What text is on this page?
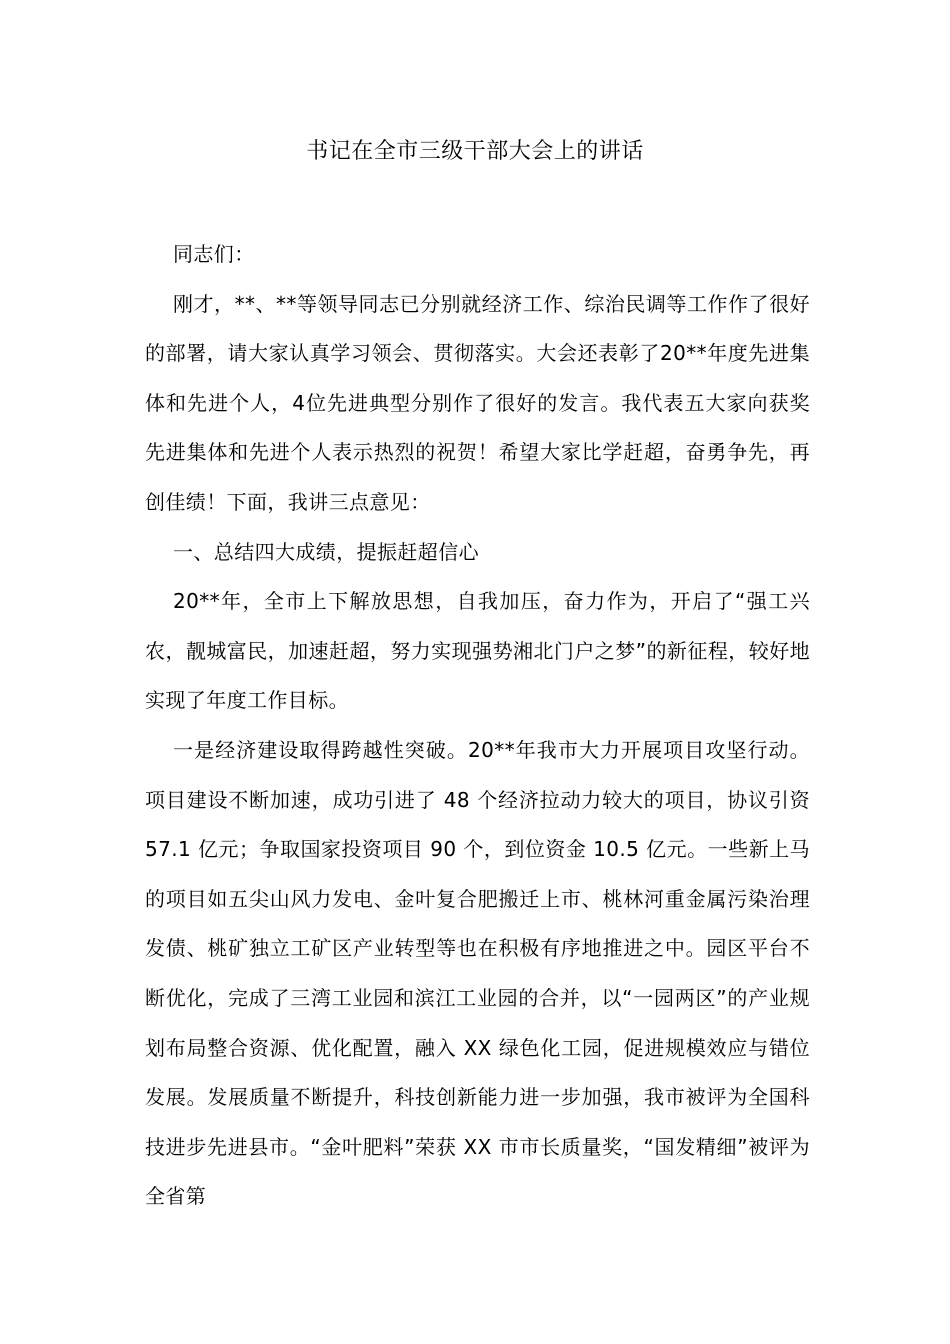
书记在全市三级干部大会上的讲话

同志们：

刚才，**、**等领导同志已分别就经济工作、综治民调等工作作了很好的部署，请大家认真学习领会、贯彻落实。大会还表彰了20**年度先进集体和先进个人，4位先进典型分别作了很好的发言。我代表五大家向获奖先进集体和先进个人表示热烈的祝贺！希望大家比学赶超，奋勇争先，再创佳绩！下面，我讲三点意见：

一、总结四大成绩，提振赶超信心

20**年，全市上下解放思想，自我加压，奋力作为，开启了“强工兴农，靓城富民，加速赶超，努力实现强势湘北门户之梦”的新征程，较好地实现了年度工作目标。

一是经济建设取得跨越性突破。20**年我市大力开展项目攻坚行动。项目建设不断加速，成功引进了 48 个经济拉动力较大的项目，协议引资 57.1 亿元；争取国家投资项目 90 个，到位资金 10.5 亿元。一些新上马的项目如五尖山风力发电、金叶复合肥搬迁上市、桃林河重金属污染治理发债、桃矿独立工矿区产业转型等也在积极有序地推进之中。园区平台不断优化，完成了三湾工业园和滨江工业园的合并，以“一园两区”的产业规划布局整合资源、优化配置，融入 XX 绿色化工园，促进规模效应与错位发展。发展质量不断提升，科技创新能力进一步加强，我市被评为全国科技进步先进县市。“金叶肥料”荣获 XX 市市长质量奖，“国发精细”被评为全省第
